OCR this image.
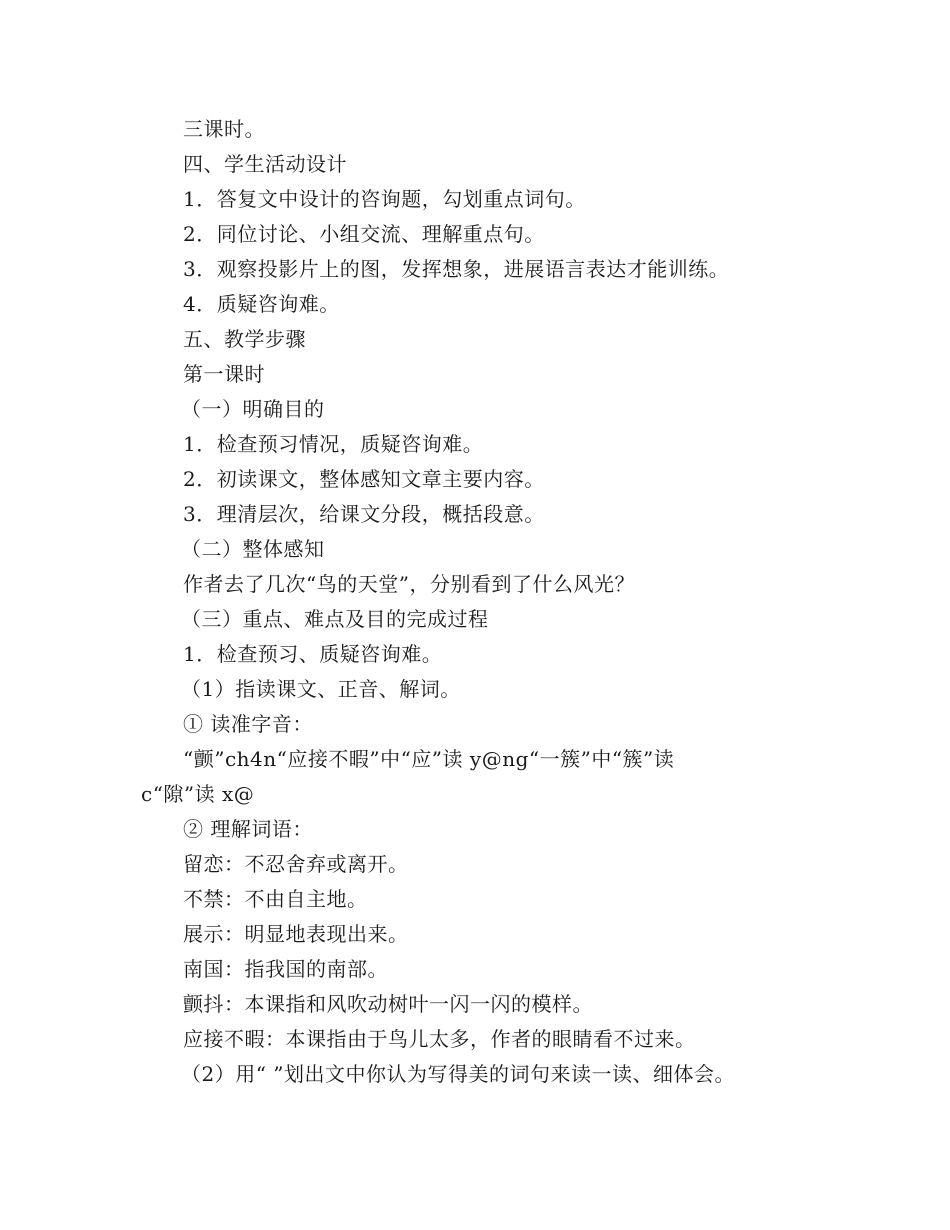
三课时。
四、学生活动设计
1．答复文中设计的咨询题，勾划重点词句。
2．同位讨论、小组交流、理解重点句。
3．观察投影片上的图，发挥想象，进展语言表达才能训练。
4．质疑咨询难。
五、教学步骤
第一课时
（一）明确目的
1．检查预习情况，质疑咨询难。
2．初读课文，整体感知文章主要内容。
3．理清层次，给课文分段，概括段意。
（二）整体感知
作者去了几次“鸟的天堂”，分别看到了什么风光？
（三）重点、难点及目的完成过程
1．检查预习、质疑咨询难。
（1）指读课文、正音、解词。
① 读准字音：
“颤”ch4n“应接不暇”中“应”读 y@ng“一簇”中“簇”读
c“隙”读 x@
② 理解词语：
留恋：不忍舍弃或离开。
不禁：不由自主地。
展示：明显地表现出来。
南国：指我国的南部。
颤抖：本课指和风吹动树叶一闪一闪的模样。
应接不暇：本课指由于鸟儿太多，作者的眼睛看不过来。
（2）用“ ”划出文中你认为写得美的词句来读一读、细体会。
